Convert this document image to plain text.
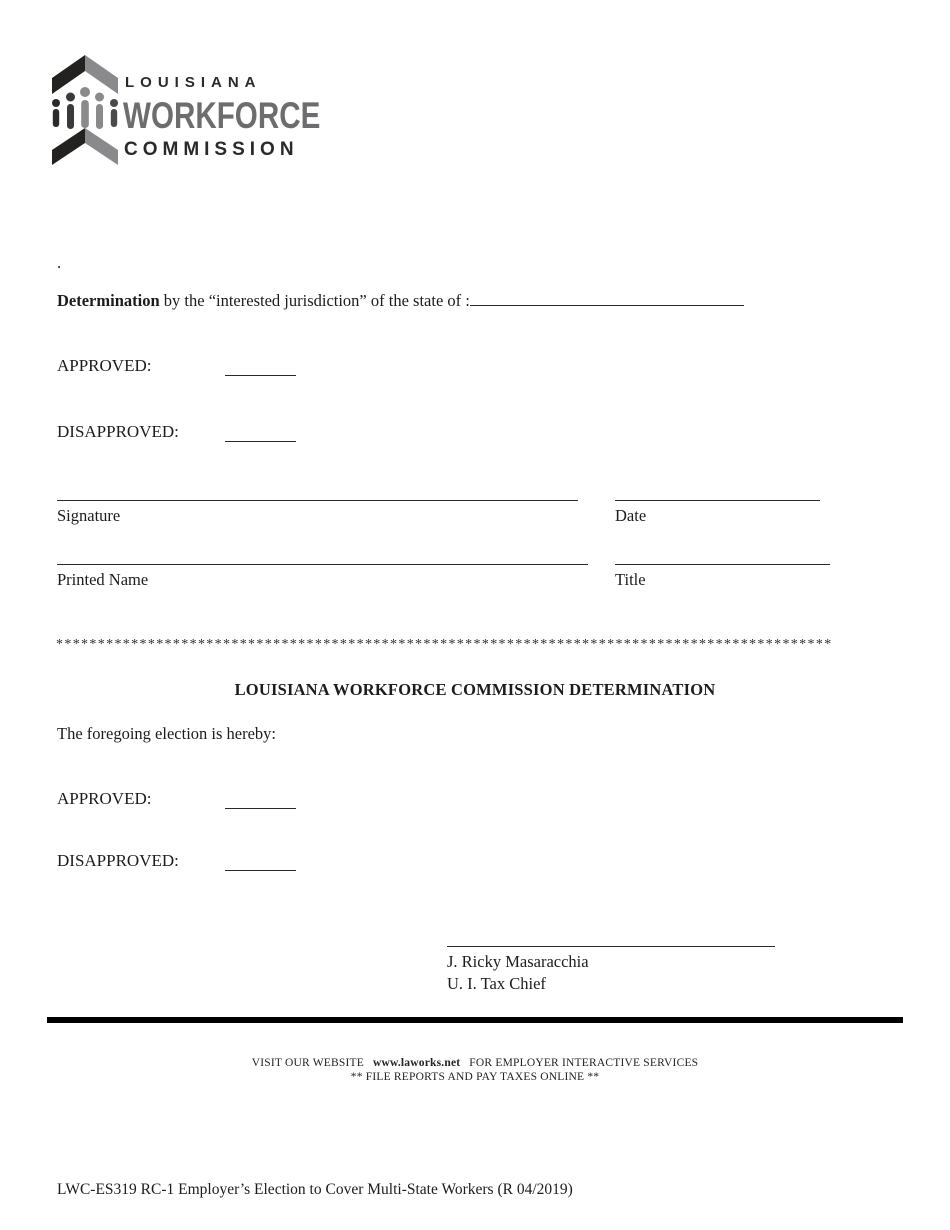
LOUISIANA
WORKFORCE
COMMISSION
.
Determination by the “interested jurisdiction” of the state of :
APPROVED:
DISAPPROVED:
Signature	Date
Printed Name	Title
*********************************************************************************************
LOUISIANA WORKFORCE COMMISSION DETERMINATION
The foregoing election is hereby:
APPROVED:
DISAPPROVED:
J. Ricky Masaracchia
U. I. Tax Chief
VISIT OUR WEBSITE www.laworks.net FOR EMPLOYER INTERACTIVE SERVICES
** FILE REPORTS AND PAY TAXES ONLINE **
LWC-ES319 RC-1 Employer’s Election to Cover Multi-State Workers (R 04/2019)
